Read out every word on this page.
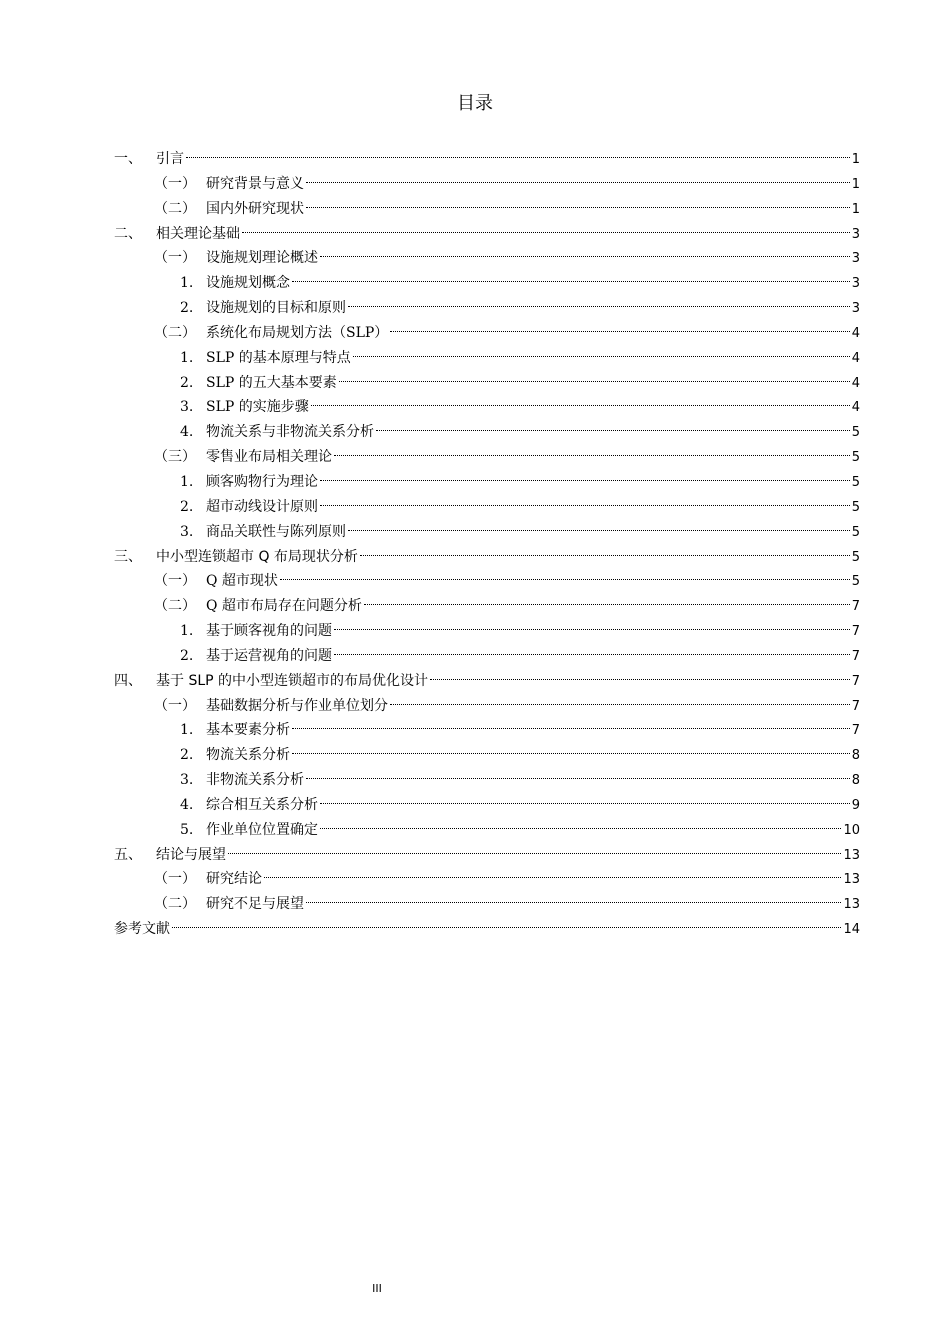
目录
一、	引言	1
（一） 研究背景与意义	1
（二） 国内外研究现状	1
二、	相关理论基础	3
（一） 设施规划理论概述	3
1. 设施规划概念	3
2. 设施规划的目标和原则	3
（二） 系统化布局规划方法（SLP）	4
1. SLP 的基本原理与特点	4
2. SLP 的五大基本要素	4
3. SLP 的实施步骤	4
4. 物流关系与非物流关系分析	5
（三） 零售业布局相关理论	5
1. 顾客购物行为理论	5
2. 超市动线设计原则	5
3. 商品关联性与陈列原则	5
三、	中小型连锁超市 Q 布局现状分析	5
（一） Q 超市现状	5
（二） Q 超市布局存在问题分析	7
1. 基于顾客视角的问题	7
2. 基于运营视角的问题	7
四、	基于 SLP 的中小型连锁超市的布局优化设计	7
（一） 基础数据分析与作业单位划分	7
1. 基本要素分析	7
2. 物流关系分析	8
3. 非物流关系分析	8
4. 综合相互关系分析	9
5. 作业单位位置确定	10
五、	结论与展望	13
（一） 研究结论	13
（二） 研究不足与展望	13
参考文献	14
III
